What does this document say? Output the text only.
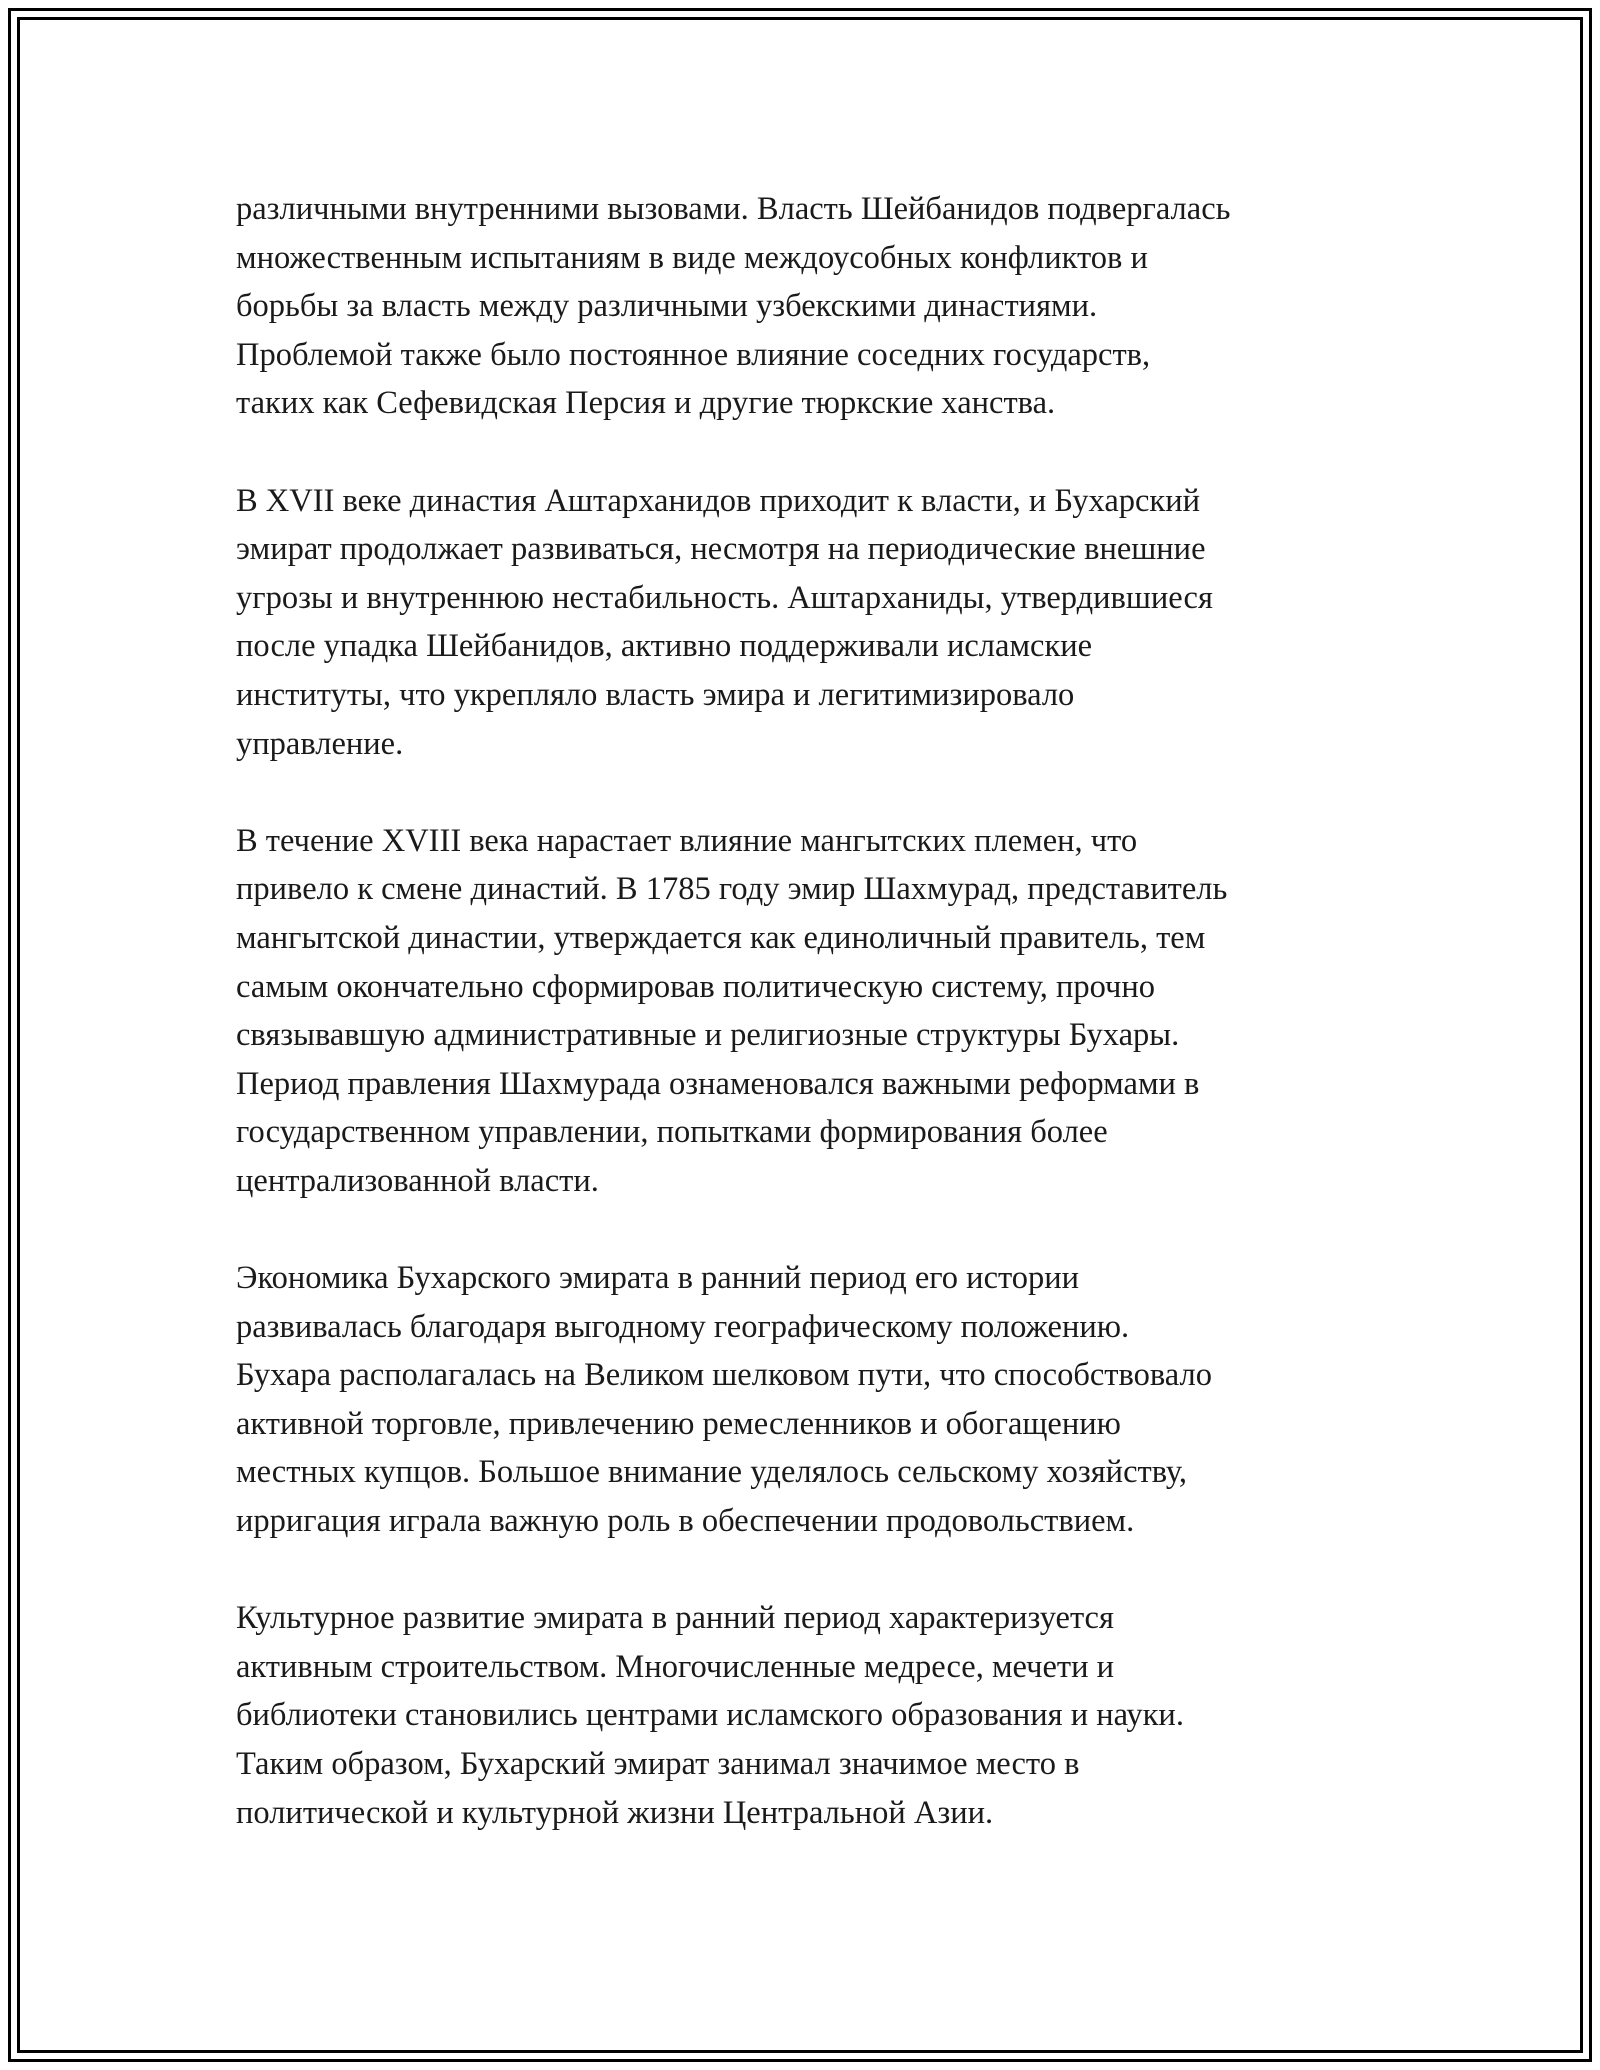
различными внутренними вызовами. Власть Шейбанидов подвергалась
множественным испытаниям в виде междоусобных конфликтов и
борьбы за власть между различными узбекскими династиями.
Проблемой также было постоянное влияние соседних государств,
таких как Сефевидская Персия и другие тюркские ханства.

В XVII веке династия Аштарханидов приходит к власти, и Бухарский
эмират продолжает развиваться, несмотря на периодические внешние
угрозы и внутреннюю нестабильность. Аштарханиды, утвердившиеся
после упадка Шейбанидов, активно поддерживали исламские
институты, что укрепляло власть эмира и легитимизировало
управление.

В течение XVIII века нарастает влияние мангытских племен, что
привело к смене династий. В 1785 году эмир Шахмурад, представитель
мангытской династии, утверждается как единоличный правитель, тем
самым окончательно сформировав политическую систему, прочно
связывавшую административные и религиозные структуры Бухары.
Период правления Шахмурада ознаменовался важными реформами в
государственном управлении, попытками формирования более
централизованной власти.

Экономика Бухарского эмирата в ранний период его истории
развивалась благодаря выгодному географическому положению.
Бухара располагалась на Великом шелковом пути, что способствовало
активной торговле, привлечению ремесленников и обогащению
местных купцов. Большое внимание уделялось сельскому хозяйству,
ирригация играла важную роль в обеспечении продовольствием.

Культурное развитие эмирата в ранний период характеризуется
активным строительством. Многочисленные медресе, мечети и
библиотеки становились центрами исламского образования и науки.
Таким образом, Бухарский эмират занимал значимое место в
политической и культурной жизни Центральной Азии.
